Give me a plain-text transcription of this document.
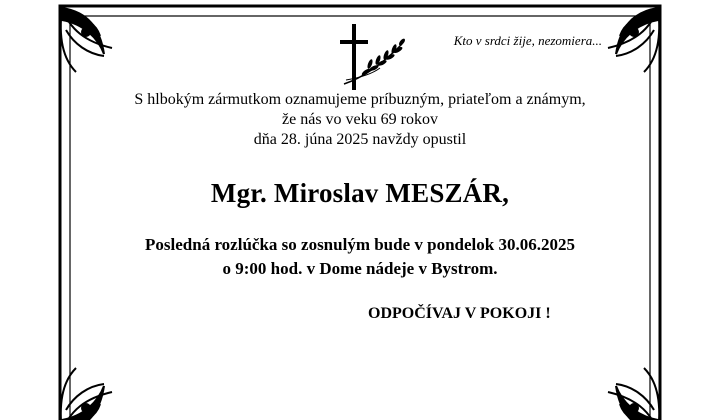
Kto v srdci žije, nezomiera...
S hlbokým zármutkom oznamujeme príbuzným, priateľom a známym,
že nás vo veku 69 rokov
dňa 28. júna 2025 navždy opustil
Mgr. Miroslav MESZÁR,
Posledná rozlúčka so zosnulým bude v pondelok 30.06.2025
o 9:00 hod. v Dome nádeje v Bystrom.
ODPOČÍVAJ V POKOJI !
